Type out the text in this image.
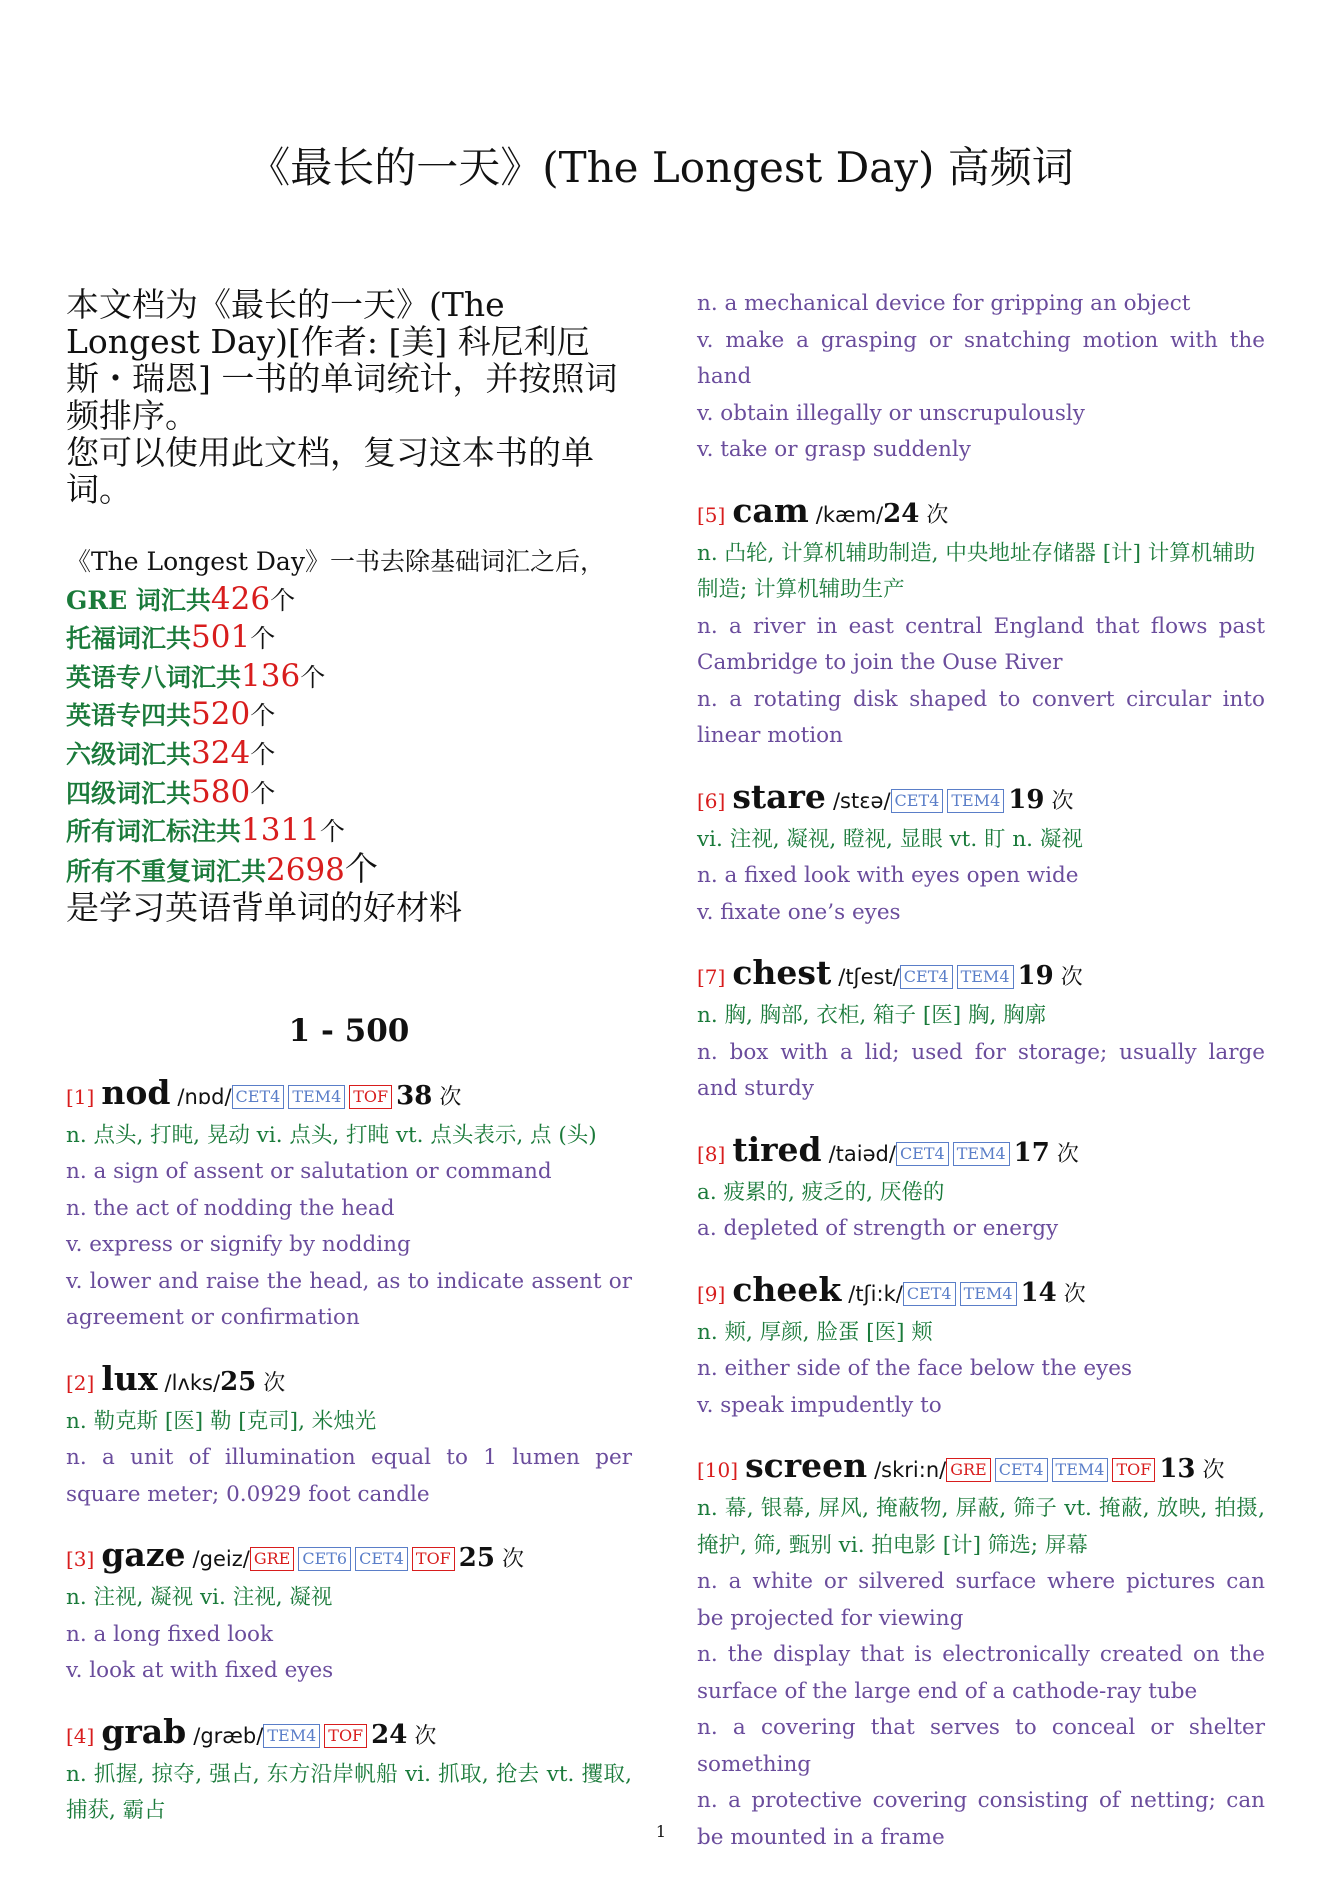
《最长的一天》(The Longest Day) 高频词

本文档为《最长的一天》(The Longest Day)[作者: [美] 科尼利厄斯・瑞恩] 一书的单词统计，并按照词频排序。

您可以使用此文档，复习这本书的单词。

《The Longest Day》一书去除基础词汇之后，
GRE 词汇共426个
托福词汇共501个
英语专八词汇共136个
英语专四共520个
六级词汇共324个
四级词汇共580个
所有词汇标注共1311个
所有不重复词汇共2698个
是学习英语背单词的好材料
1 - 500
[1] nod /nɒd/ CET4 TEM4 TOF 38 次

n. 点头, 打盹, 晃动 vi. 点头, 打盹 vt. 点头表示, 点 (头)

n. a sign of assent or salutation or command

n. the act of nodding the head

v. express or signify by nodding

v. lower and raise the head, as to indicate assent or agreement or confirmation

[2] lux /lʌks/25 次

n. 勒克斯 [医] 勒 [克司], 米烛光

n. a unit of illumination equal to 1 lumen per square meter; 0.0929 foot candle

[3] gaze /geiz/ GRE CET6 CET4 TOF 25 次

n. 注视, 凝视 vi. 注视, 凝视

n. a long fixed look

v. look at with fixed eyes

[4] grab /græb/ TEM4 TOF 24 次

n. 抓握, 掠夺, 强占, 东方沿岸帆船 vi. 抓取, 抢去 vt. 攫取, 捕获, 霸占

n. a mechanical device for gripping an object

v. make a grasping or snatching motion with the hand

v. obtain illegally or unscrupulously

v. take or grasp suddenly

[5] cam /kæm/24 次

n. 凸轮, 计算机辅助制造, 中央地址存储器 [计] 计算机辅助制造; 计算机辅助生产

n. a river in east central England that flows past Cambridge to join the Ouse River

n. a rotating disk shaped to convert circular into linear motion

[6] stare /stɛə/ CET4 TEM4 19 次

vi. 注视, 凝视, 瞪视, 显眼 vt. 盯 n. 凝视

n. a fixed look with eyes open wide

v. fixate one’s eyes

[7] chest /tʃest/ CET4 TEM4 19 次

n. 胸, 胸部, 衣柜, 箱子 [医] 胸, 胸廓

n. box with a lid; used for storage; usually large and sturdy

[8] tired /taiəd/ CET4 TEM4 17 次

a. 疲累的, 疲乏的, 厌倦的

a. depleted of strength or energy

[9] cheek /tʃi:k/ CET4 TEM4 14 次

n. 颊, 厚颜, 脸蛋 [医] 颊

n. either side of the face below the eyes

v. speak impudently to

[10] screen /skri:n/ GRE CET4 TEM4 TOF 13 次

n. 幕, 银幕, 屏风, 掩蔽物, 屏蔽, 筛子 vt. 掩蔽, 放映, 拍摄, 掩护, 筛, 甄别 vi. 拍电影 [计] 筛选; 屏幕

n. a white or silvered surface where pictures can be projected for viewing

n. the display that is electronically created on the surface of the large end of a cathode-ray tube

n. a covering that serves to conceal or shelter something

n. a protective covering consisting of netting; can be mounted in a frame

1
